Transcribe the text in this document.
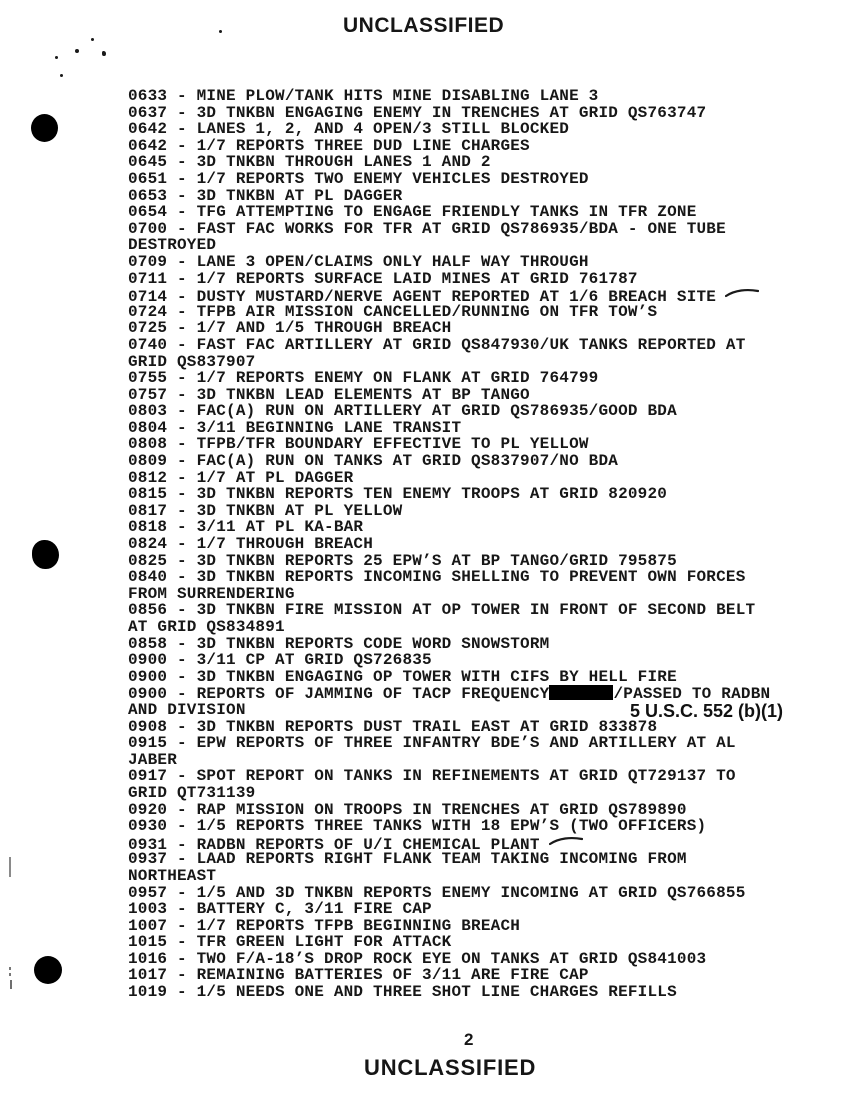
UNCLASSIFIED
0633 - MINE PLOW/TANK HITS MINE DISABLING LANE 3
0637 - 3D TNKBN ENGAGING ENEMY IN TRENCHES AT GRID QS763747
0642 - LANES 1, 2, AND 4 OPEN/3 STILL BLOCKED
0642 - 1/7 REPORTS THREE DUD LINE CHARGES
0645 - 3D TNKBN THROUGH LANES 1 AND 2
0651 - 1/7 REPORTS TWO ENEMY VEHICLES DESTROYED
0653 - 3D TNKBN AT PL DAGGER
0654 - TFG ATTEMPTING TO ENGAGE FRIENDLY TANKS IN TFR ZONE
0700 - FAST FAC WORKS FOR TFR AT GRID QS786935/BDA - ONE TUBE
DESTROYED
0709 - LANE 3 OPEN/CLAIMS ONLY HALF WAY THROUGH
0711 - 1/7 REPORTS SURFACE LAID MINES AT GRID 761787
0714 - DUSTY MUSTARD/NERVE AGENT REPORTED AT 1/6 BREACH SITE
0724 - TFPB AIR MISSION CANCELLED/RUNNING ON TFR TOW’S
0725 - 1/7 AND 1/5 THROUGH BREACH
0740 - FAST FAC ARTILLERY AT GRID QS847930/UK TANKS REPORTED AT
GRID QS837907
0755 - 1/7 REPORTS ENEMY ON FLANK AT GRID 764799
0757 - 3D TNKBN LEAD ELEMENTS AT BP TANGO
0803 - FAC(A) RUN ON ARTILLERY AT GRID QS786935/GOOD BDA
0804 - 3/11 BEGINNING LANE TRANSIT
0808 - TFPB/TFR BOUNDARY EFFECTIVE TO PL YELLOW
0809 - FAC(A) RUN ON TANKS AT GRID QS837907/NO BDA
0812 - 1/7 AT PL DAGGER
0815 - 3D TNKBN REPORTS TEN ENEMY TROOPS AT GRID 820920
0817 - 3D TNKBN AT PL YELLOW
0818 - 3/11 AT PL KA-BAR
0824 - 1/7 THROUGH BREACH
0825 - 3D TNKBN REPORTS 25 EPW’S AT BP TANGO/GRID 795875
0840 - 3D TNKBN REPORTS INCOMING SHELLING TO PREVENT OWN FORCES
FROM SURRENDERING
0856 - 3D TNKBN FIRE MISSION AT OP TOWER IN FRONT OF SECOND BELT
AT GRID QS834891
0858 - 3D TNKBN REPORTS CODE WORD SNOWSTORM
0900 - 3/11 CP AT GRID QS726835
0900 - 3D TNKBN ENGAGING OP TOWER WITH CIFS BY HELL FIRE
0900 - REPORTS OF JAMMING OF TACP FREQUENCY	/PASSED TO RADBN
AND DIVISION
0908 - 3D TNKBN REPORTS DUST TRAIL EAST AT GRID 833878
0915 - EPW REPORTS OF THREE INFANTRY BDE’S AND ARTILLERY AT AL
JABER
0917 - SPOT REPORT ON TANKS IN REFINEMENTS AT GRID QT729137 TO
GRID QT731139
0920 - RAP MISSION ON TROOPS IN TRENCHES AT GRID QS789890
0930 - 1/5 REPORTS THREE TANKS WITH 18 EPW’S (TWO OFFICERS)
0931 - RADBN REPORTS OF U/I CHEMICAL PLANT
0937 - LAAD REPORTS RIGHT FLANK TEAM TAKING INCOMING FROM
NORTHEAST
0957 - 1/5 AND 3D TNKBN REPORTS ENEMY INCOMING AT GRID QS766855
1003 - BATTERY C, 3/11 FIRE CAP
1007 - 1/7 REPORTS TFPB BEGINNING BREACH
1015 - TFR GREEN LIGHT FOR ATTACK
1016 - TWO F/A-18’S DROP ROCK EYE ON TANKS AT GRID QS841003
1017 - REMAINING BATTERIES OF 3/11 ARE FIRE CAP
1019 - 1/5 NEEDS ONE AND THREE SHOT LINE CHARGES REFILLS
5 U.S.C. 552 (b)(1)
2
UNCLASSIFIED
